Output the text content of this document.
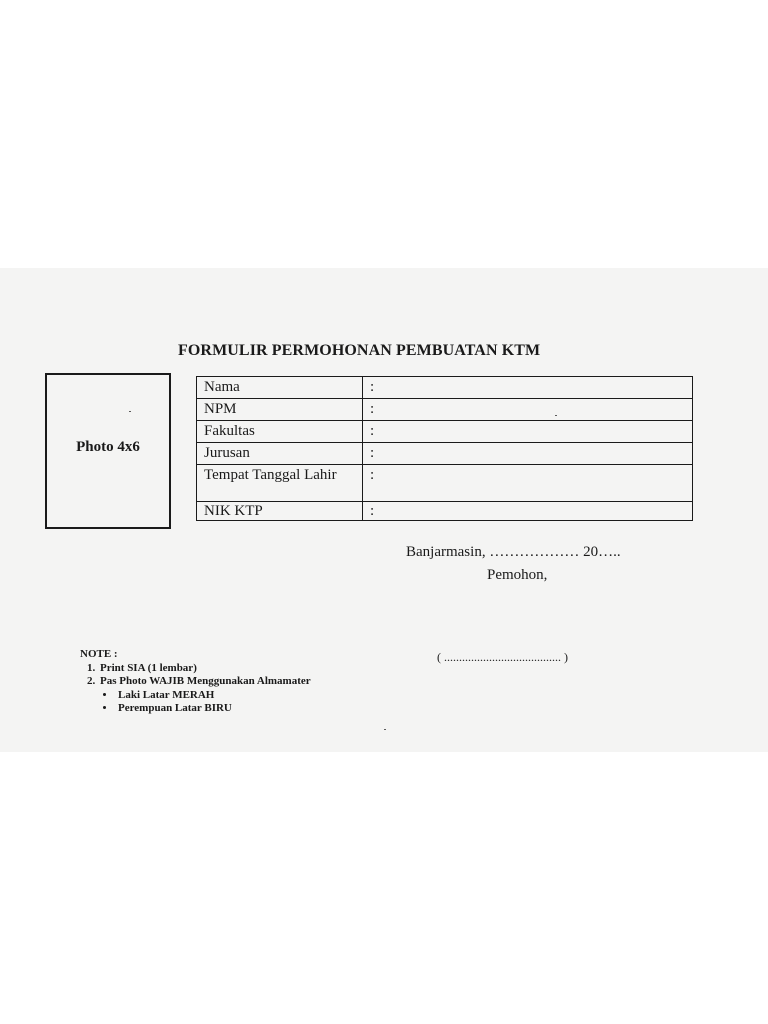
FORMULIR PERMOHONAN PEMBUATAN KTM
Photo 4x6
Nama	:
NPM	:
Fakultas	:
Jurusan	:
Tempat Tanggal Lahir	:
NIK KTP	:
Banjarmasin, ……………… 20…..
Pemohon,
( ....................................... )
NOTE :
1. Print SIA (1 lembar)
2. Pas Photo WAJIB Menggunakan Almamater
• Laki Latar MERAH
• Perempuan Latar BIRU
